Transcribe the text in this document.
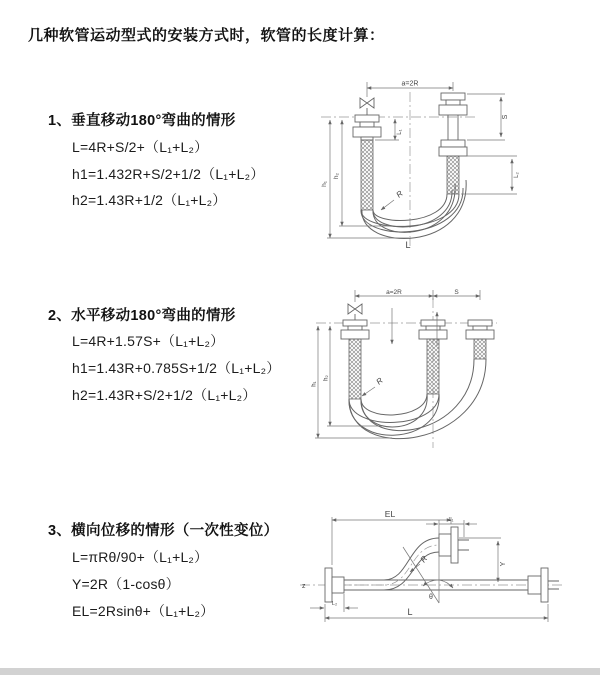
几种软管运动型式的安装方式时，软管的长度计算：
1、垂直移动180°弯曲的情形
L=4R+S/2+（L₁+L₂）
h1=1.432R+S/2+1/2（L₁+L₂）
h2=1.43R+1/2（L₁+L₂）
2、水平移动180°弯曲的情形
L=4R+1.57S+（L₁+L₂）
h1=1.43R+0.785S+1/2（L₁+L₂）
h2=1.43R+S/2+1/2（L₁+L₂）
3、横向位移的情形（一次性变位）
L=πRθ/90+（L₁+L₂）
Y=2R（1-cosθ）
EL=2Rsinθ+（L₁+L₂）
a=2R
h₁
h₂
L₁
S
L₂
R
L
a=2R	S
h₁
h₂	R
z
EL
L₁
θ
Y
R
L
L₂
